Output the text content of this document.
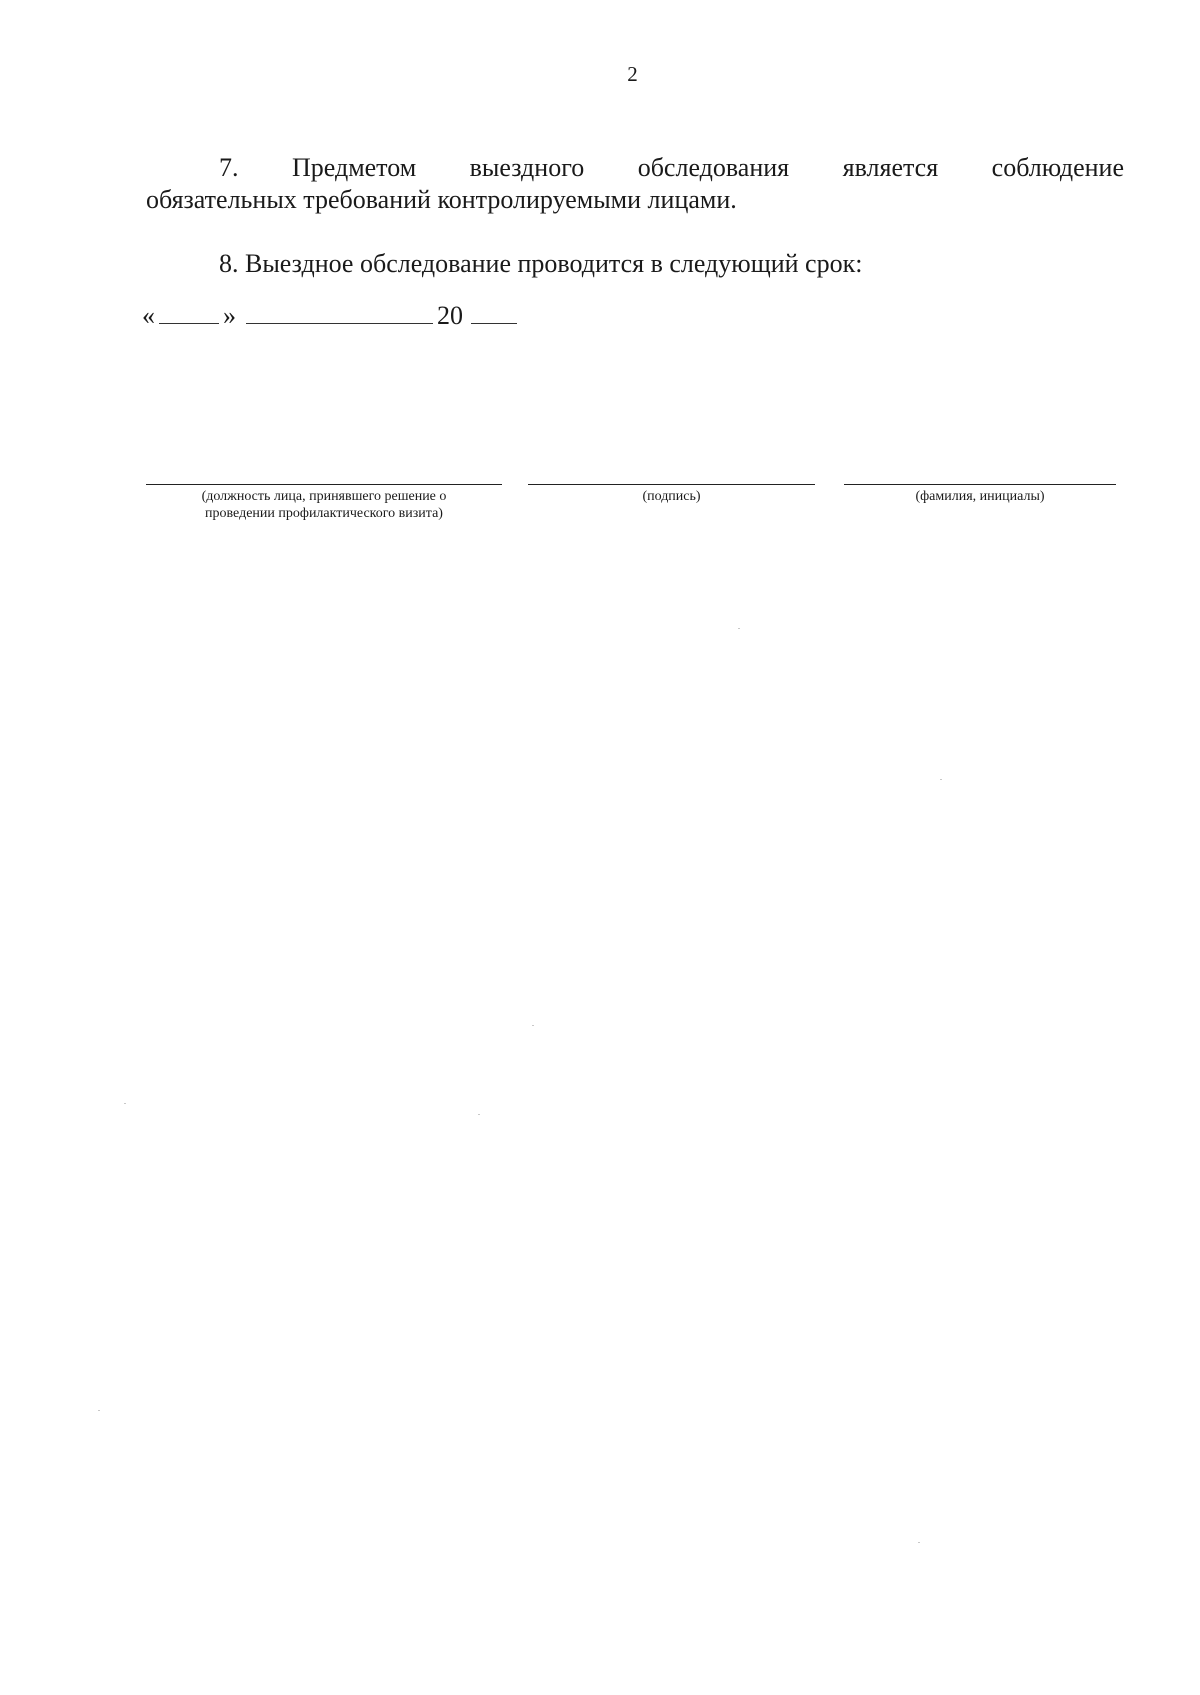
2
7. Предметом выездного обследования является соблюдение
обязательных требований контролируемыми лицами.
8. Выездное обследование проводится в следующий срок:
«	»	20
(должность лица, принявшего решение о
проведении профилактического визита)
(подпись)	(фамилия, инициалы)
